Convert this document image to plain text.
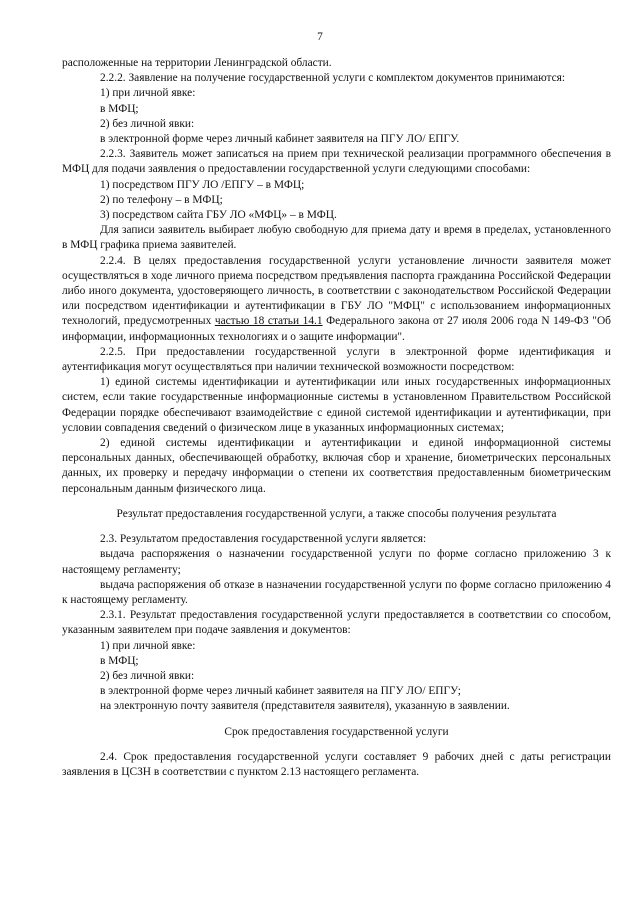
7

расположенные на территории Ленинградской области.

2.2.2. Заявление на получение государственной услуги с комплектом документов принимаются:

1) при личной явке:

в МФЦ;

2) без личной явки:

в электронной форме через личный кабинет заявителя на ПГУ ЛО/ ЕПГУ.

2.2.3. Заявитель может записаться на прием при технической реализации программного обеспечения в МФЦ для подачи заявления о предоставлении государственной услуги следующими способами:

1) посредством ПГУ ЛО /ЕПГУ – в МФЦ;

2) по телефону – в МФЦ;

3) посредством сайта ГБУ ЛО «МФЦ» – в МФЦ.

Для записи заявитель выбирает любую свободную для приема дату и время в пределах, установленного в МФЦ графика приема заявителей.

2.2.4. В целях предоставления государственной услуги установление личности заявителя может осуществляться в ходе личного приема посредством предъявления паспорта гражданина Российской Федерации либо иного документа, удостоверяющего личность, в соответствии с законодательством Российской Федерации или посредством идентификации и аутентификации в ГБУ ЛО "МФЦ" с использованием информационных технологий, предусмотренных частью 18 статьи 14.1 Федерального закона от 27 июля 2006 года N 149-ФЗ "Об информации, информационных технологиях и о защите информации".

2.2.5. При предоставлении государственной услуги в электронной форме идентификация и аутентификация могут осуществляться при наличии технической возможности посредством:

1) единой системы идентификации и аутентификации или иных государственных информационных систем, если такие государственные информационные системы в установленном Правительством Российской Федерации порядке обеспечивают взаимодействие с единой системой идентификации и аутентификации, при условии совпадения сведений о физическом лице в указанных информационных системах;

2) единой системы идентификации и аутентификации и единой информационной системы персональных данных, обеспечивающей обработку, включая сбор и хранение, биометрических персональных данных, их проверку и передачу информации о степени их соответствия предоставленным биометрическим персональным данным физического лица.

Результат предоставления государственной услуги, а также способы получения результата

2.3. Результатом предоставления государственной услуги является:

выдача распоряжения о назначении государственной услуги по форме согласно приложению 3 к настоящему регламенту;

выдача распоряжения об отказе в назначении государственной услуги по форме согласно приложению 4 к настоящему регламенту.

2.3.1. Результат предоставления государственной услуги предоставляется в соответствии со способом, указанным заявителем при подаче заявления и документов:

1) при личной явке:

в МФЦ;

2) без личной явки:

в электронной форме через личный кабинет заявителя на ПГУ ЛО/ ЕПГУ;

на электронную почту заявителя (представителя заявителя), указанную в заявлении.

Срок предоставления государственной услуги

2.4. Срок предоставления государственной услуги составляет 9 рабочих дней с даты регистрации заявления в ЦСЗН в соответствии с пунктом 2.13 настоящего регламента.
